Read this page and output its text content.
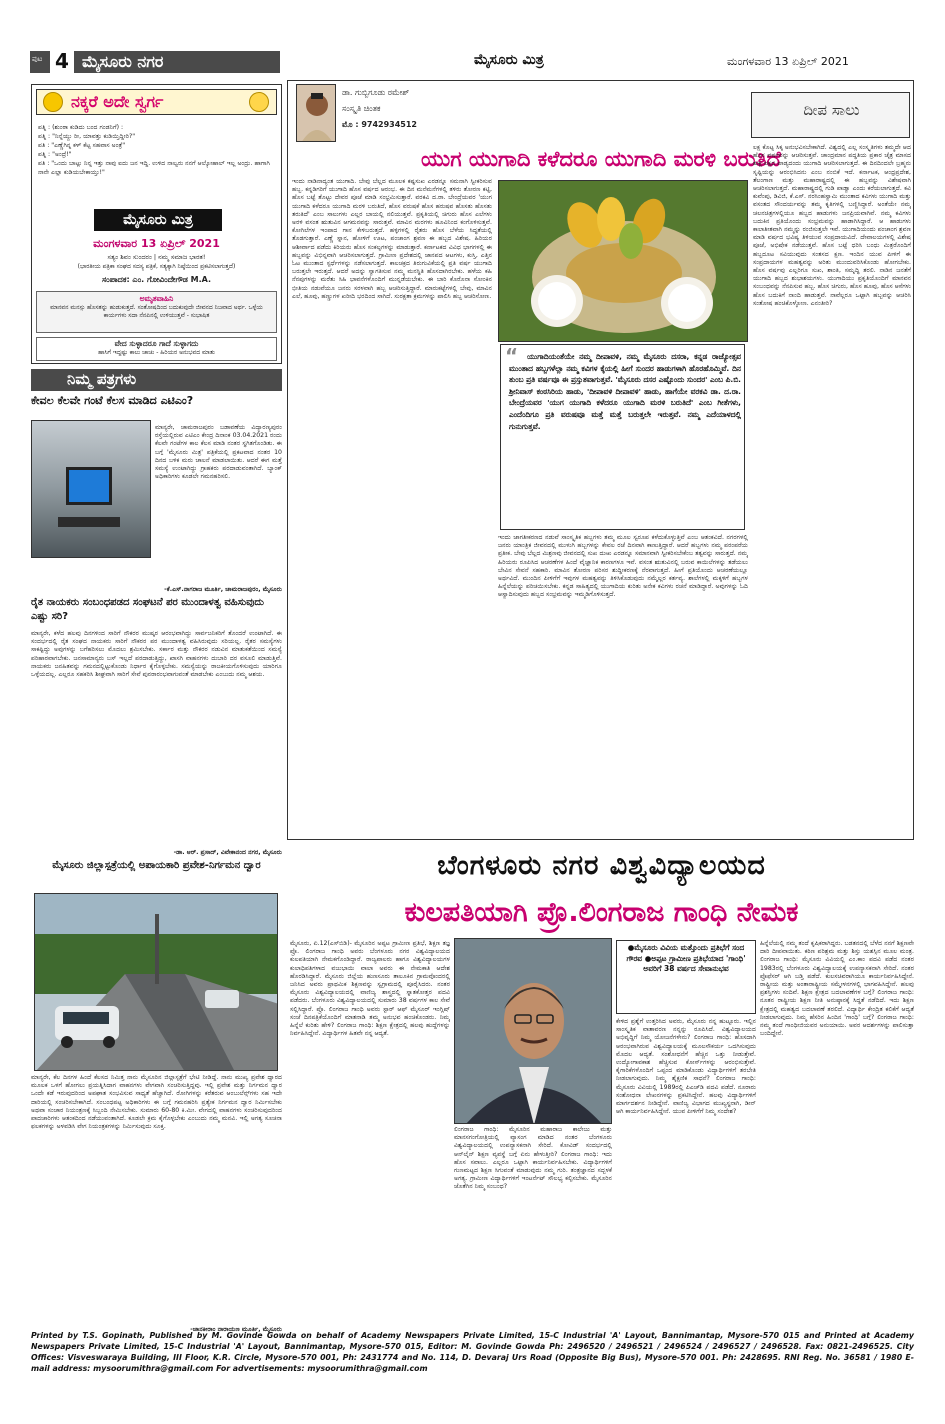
ಪುಟ 4 ಮೈಸೂರು ನಗರ	ಮೈಸೂರು ಮಿತ್ರ	ಮಂಗಳವಾರ 13 ಏಪ್ರಿಲ್ 2021
ನಕ್ಕರೆ ಅದೇ ಸ್ವರ್ಗ
ಪತ್ನಿ : (ಶುಂಠಾ ಕುಡಿದು ಬಂದ ಗಂಡನಿಗೆ) :
ಪತ್ನಿ : "ನಿನ್ನೆಯ್ದು ರೀ, ಯಾವತ್ತು ಕುಡಿಯ್ತಿದ್ದೀರಿ?"
ಪತಿ : "ಎಣ್ಣೆಗಿನ್ನ ಕಳ್ ಕೆಟ್ಟ ಸಹವಾಸ ಅಂತ್ರೆ"
ಪತ್ನಿ : "ಅಂದ್ರೆ!"
ಪತಿ : "ಒಂದು ಬಾಟ್ಲು ನಿನ್ನ ಇತ್ತು ನಾವು ಐದು ಜನ ಇದ್ದಿ. ಉಳಿದ ನಾಲ್ವರು ನನಗೆ ಆಲ್ಕೋಹಾಲ್ ಇಲ್ಲ ಅಂದ್ರು. ಹಾಗಾಗಿ ನಾನೇ ಎಲ್ಲಾ ಕುಡಿಯಬೇಕಾಯ್ತು!"
ಮೈಸೂರು ಮಿತ್ರ
ಮಂಗಳವಾರ 13 ಏಪ್ರಿಲ್ 2021
ಸತ್ಯಂ ಶಿವಂ ಸುಂದರಂ | ನಮ್ಮ ಸಮಾಜ ಭಾರತ!
(ಭಾರತೀಯ ಪತ್ರಿಕಾ ಸಂಘದ ಸದಸ್ಯ ಪತ್ರಿಕೆ, ಸತ್ಯಕ್ಕಾಗಿ ನಿಷ್ಠೆಯಿಂದ ಪ್ರಕಟಿಸಲಾಗುತ್ತದೆ)
ಸಂಪಾದಕ: ಎಂ. ಗೋವಿಂದೇಗೌಡ M.A.
ಅಮೃತವಾಹಿನಿ
ಮಾನವನ ಮನಸ್ಸು ಹೊಸತನ್ನು ಹುಡುಕುತ್ತದೆ. ಸಂತೋಷದಿಂದ ಬದುಕುವುದೇ ಜೀವನದ ನಿಜವಾದ ಅರ್ಥ. ಒಳ್ಳೆಯ ಕಾರ್ಯಗಳು ಸದಾ ನೆನಪಿನಲ್ಲಿ ಉಳಿಯುತ್ತವೆ - ಸುಭಾಷಿತ
ವೇದ ಸುಳ್ಳಾದರೂ ಗಾದೆ ಸುಳ್ಳಾಗದು
ಹಾಸಿಗೆ ಇದ್ದಷ್ಟು ಕಾಲು ಚಾಚು - ಹಿರಿಯರ ಅನುಭವದ ಮಾತು
ನಿಮ್ಮ ಪತ್ರಗಳು
ಕೇವಲ ಕೆಲವೇ ಗಂಟೆ ಕೆಲಸ ಮಾಡಿದ ಎಟಿಎಂ?
ಮಾನ್ಯರೇ, ಚಾಮರಾಜಪುರಂ ಬಡಾವಣೆಯ ವಿದ್ಯಾರಣ್ಯಪುರಂ ರಸ್ತೆಯಲ್ಲಿರುವ ಎಟಿಎಂ ಕೇಂದ್ರ ದಿನಾಂಕ 03.04.2021 ರಂದು ಕೆಲವೇ ಗಂಟೆಗಳ ಕಾಲ ಕೆಲಸ ಮಾಡಿ ನಂತರ ಸ್ಥಗಿತಗೊಂಡಿತು. ಈ ಬಗ್ಗೆ 'ಮೈಸೂರು ಮಿತ್ರ' ಪತ್ರಿಕೆಯಲ್ಲಿ ಪ್ರಕಟವಾದ ನಂತರ 10 ದಿನದ ಬಳಿಕ ಮರು ಚಾಲನೆ ಮಾಡಲಾಯಿತು. ಆದರೆ ಈಗ ಮತ್ತೆ ಸಮಸ್ಯೆ ಉಂಟಾಗಿದ್ದು ಗ್ರಾಹಕರು ಪರದಾಡುವಂತಾಗಿದೆ. ಬ್ಯಾಂಕ್ ಅಧಿಕಾರಿಗಳು ಕೂಡಲೇ ಗಮನಹರಿಸಲಿ.
-ಕೆ.ಎಸ್.ನಾಗರಾಜ ಮೂರ್ತಿ, ಚಾಮರಾಜಪುರಂ, ಮೈಸೂರು
ರೈತ ನಾಯಕರು ಸಂಬಂಧಪಡದ ಸಂಘಟನೆ ಪರ ಮುಂದಾಳತ್ವ ವಹಿಸುವುದು ಎಷ್ಟು ಸರಿ?
ಮಾನ್ಯರೇ, ಕಳೆದ ಹಲವು ದಿನಗಳಿಂದ ಸಾರಿಗೆ ನೌಕರರ ಮುಷ್ಕರ ಆರಂಭವಾಗಿದ್ದು ಸಾರ್ವಜನಿಕರಿಗೆ ತೊಂದರೆ ಉಂಟಾಗಿದೆ. ಈ ಸಂದರ್ಭದಲ್ಲಿ ರೈತ ಸಂಘದ ನಾಯಕರು ಸಾರಿಗೆ ನೌಕರರ ಪರ ಮುಂದಾಳತ್ವ ವಹಿಸಿರುವುದು ಸರಿಯಲ್ಲ. ರೈತರ ಸಮಸ್ಯೆಗಳು ಸಾಕಷ್ಟಿದ್ದು ಅವುಗಳನ್ನು ಬಗೆಹರಿಸಲು ಮೊದಲು ಶ್ರಮಿಸಬೇಕು. ಸರ್ಕಾರ ಮತ್ತು ನೌಕರರ ನಡುವಿನ ಮಾತುಕತೆಯಿಂದ ಸಮಸ್ಯೆ ಪರಿಹಾರವಾಗಬೇಕು. ಜನಸಾಮಾನ್ಯರು ಬಸ್ ಇಲ್ಲದೆ ಪರದಾಡುತ್ತಿದ್ದು, ಖಾಸಗಿ ವಾಹನಗಳು ದುಬಾರಿ ದರ ವಸೂಲಿ ಮಾಡುತ್ತಿವೆ. ನಾಯಕರು ಜನಹಿತವನ್ನು ಗಮನದಲ್ಲಿಟ್ಟುಕೊಂಡು ನಿರ್ಧಾರ ಕೈಗೊಳ್ಳಬೇಕು. ಸಮಸ್ಯೆಯನ್ನು ರಾಜಕೀಯಗೊಳಿಸುವುದು ಯಾರಿಗೂ ಒಳ್ಳೆಯದಲ್ಲ. ಎಲ್ಲರೂ ಸಹಕರಿಸಿ ಶೀಘ್ರವಾಗಿ ಸಾರಿಗೆ ಸೇವೆ ಪುನರಾರಂಭವಾಗುವಂತೆ ಮಾಡಬೇಕು ಎಂಬುದು ನಮ್ಮ ಆಶಯ.
-ಡಾ. ಆರ್. ಪ್ರಸಾದ್, ವಿವೇಕಾನಂದ ನಗರ, ಮೈಸೂರು
ಮೈಸೂರು ಜಿಲ್ಲಾಸ್ಪತ್ರೆಯಲ್ಲಿ ಅಪಾಯಕಾರಿ ಪ್ರವೇಶ-ನಿರ್ಗಮನ ದ್ವಾರ
ಮಾನ್ಯರೇ, ಕೆಲ ದಿನಗಳ ಹಿಂದೆ ಕೆಲಸದ ನಿಮಿತ್ತ ನಾನು ಮೈಸೂರಿನ ಜಿಲ್ಲಾಸ್ಪತ್ರೆಗೆ ಭೇಟಿ ನೀಡಿದ್ದೆ. ನಾನು ಮುಖ್ಯ ಪ್ರವೇಶ ದ್ವಾರದ ಮೂಲಕ ಒಳಗೆ ಹೋಗಲು ಪ್ರಯತ್ನಿಸಿದಾಗ ವಾಹನಗಳು ವೇಗವಾಗಿ ಸಂಚರಿಸುತ್ತಿದ್ದವು. ಇಲ್ಲಿ ಪ್ರವೇಶ ಮತ್ತು ನಿರ್ಗಮನ ದ್ವಾರ ಒಂದೇ ಕಡೆ ಇರುವುದರಿಂದ ಅಪಘಾತ ಸಂಭವಿಸುವ ಸಾಧ್ಯತೆ ಹೆಚ್ಚಾಗಿದೆ. ರೋಗಿಗಳನ್ನು ಕರೆತರುವ ಆಂಬುಲೆನ್ಸ್‌ಗಳು ಸಹ ಇದೇ ದಾರಿಯಲ್ಲಿ ಸಂಚರಿಸಬೇಕಾಗಿದೆ. ಸಂಬಂಧಪಟ್ಟ ಅಧಿಕಾರಿಗಳು ಈ ಬಗ್ಗೆ ಗಮನಹರಿಸಿ ಪ್ರತ್ಯೇಕ ನಿರ್ಗಮನ ದ್ವಾರ ನಿರ್ಮಿಸಬೇಕು ಅಥವಾ ಸಂಚಾರ ನಿಯಂತ್ರಣಕ್ಕೆ ಸಿಬ್ಬಂದಿ ನೇಮಿಸಬೇಕು. ಸುಮಾರು 60-80 ಕಿ.ಮೀ. ವೇಗದಲ್ಲಿ ವಾಹನಗಳು ಸಂಚರಿಸುವುದರಿಂದ ಪಾದಚಾರಿಗಳು ಆತಂಕದಿಂದ ನಡೆಯುವಂತಾಗಿದೆ. ಕೂಡಲೇ ಕ್ರಮ ಕೈಗೊಳ್ಳಬೇಕು ಎಂಬುದು ನಮ್ಮ ಮನವಿ. ಇಲ್ಲಿ ಅಗತ್ಯ ಸೂಚನಾ ಫಲಕಗಳನ್ನು ಅಳವಡಿಸಿ ವೇಗ ನಿಯಂತ್ರಕಗಳನ್ನು ನಿರ್ಮಿಸುವುದು ಸೂಕ್ತ.
-ಜಾನಕೀರಾಂ ನಾರಾಯಣ ಮೂರ್ತಿ, ಮೈಸೂರು
ಡಾ. ಗುಬ್ಬಿಗೂಡು ರಮೇಶ್
ಸಂಸ್ಕೃತಿ ಚಿಂತಕ
ಮೊ : 9742934512
ದೀಪ ಸಾಲು
ಯುಗ ಯುಗಾದಿ ಕಳೆದರೂ ಯುಗಾದಿ ಮರಳಿ ಬರುತಿದೆ
ಇಂದು ನಾಡಿನಾದ್ಯಂತ ಯುಗಾದಿ. ಬೇವು ಬೆಲ್ಲದ ಮೂಲಕ ಕಷ್ಟಸುಖ ಎರಡನ್ನೂ ಸಮನಾಗಿ ಸ್ವೀಕರಿಸುವ ಹಬ್ಬ. ಕನ್ನಡಿಗರಿಗೆ ಯುಗಾದಿ ಹೊಸ ವರ್ಷದ ಆರಂಭ. ಈ ದಿನ ಮನೆಮನೆಗಳಲ್ಲಿ ತಳಿರು ತೋರಣ ಕಟ್ಟಿ, ಹೊಸ ಬಟ್ಟೆ ತೊಟ್ಟು ದೇವರ ಪೂಜೆ ಮಾಡಿ ಸಂಭ್ರಮಿಸುತ್ತಾರೆ. ವರಕವಿ ದ.ರಾ. ಬೇಂದ್ರೆಯವರ 'ಯುಗ ಯುಗಾದಿ ಕಳೆದರೂ ಯುಗಾದಿ ಮರಳಿ ಬರುತಿದೆ, ಹೊಸ ವರುಷಕೆ ಹೊಸ ಹರುಷವ ಹೊಸತು ಹೊಸತು ತರುತಿದೆ' ಎಂಬ ಸಾಲುಗಳು ಎಲ್ಲರ ಬಾಯಲ್ಲಿ ನಲಿಯುತ್ತವೆ. ಪ್ರಕೃತಿಯಲ್ಲಿ ಚಿಗುರು ಹೊಸ ಎಲೆಗಳು ಅರಳಿ ವಸಂತ ಋತುವಿನ ಆಗಮನವನ್ನು ಸಾರುತ್ತವೆ. ಮಾವಿನ ಮರಗಳು ಹೂವಿನಿಂದ ಕಂಗೊಳಿಸುತ್ತವೆ. ಕೋಗಿಲೆಗಳ ಇಂಪಾದ ಗಾನ ಕೇಳಿಬರುತ್ತದೆ. ಹಳ್ಳಿಗಳಲ್ಲಿ ರೈತರು ಹೊಸ ಬೆಳೆಯ ಸಿದ್ಧತೆಯಲ್ಲಿ ತೊಡಗುತ್ತಾರೆ. ಎಣ್ಣೆ ಸ್ನಾನ, ಹೋಳಿಗೆ ಊಟ, ಪಂಚಾಂಗ ಶ್ರವಣ ಈ ಹಬ್ಬದ ವಿಶೇಷ. ಹಿರಿಯರ ಆಶೀರ್ವಾದ ಪಡೆದು ಕಿರಿಯರು ಹೊಸ ಸಂಕಲ್ಪಗಳನ್ನು ಮಾಡುತ್ತಾರೆ. ಕರ್ನಾಟಕದ ವಿವಿಧ ಭಾಗಗಳಲ್ಲಿ ಈ ಹಬ್ಬವನ್ನು ವಿಭಿನ್ನವಾಗಿ ಆಚರಿಸಲಾಗುತ್ತದೆ. ಗ್ರಾಮೀಣ ಪ್ರದೇಶದಲ್ಲಿ ಜಾನಪದ ಆಟಗಳು, ಕುಸ್ತಿ, ಎತ್ತಿನ ಓಟ ಮುಂತಾದ ಸ್ಪರ್ಧೆಗಳನ್ನು ನಡೆಸಲಾಗುತ್ತದೆ. ಕಾಲಚಕ್ರದ ತಿರುಗುವಿಕೆಯಲ್ಲಿ ಪ್ರತಿ ವರ್ಷ ಯುಗಾದಿ ಬರುತ್ತಲೇ ಇರುತ್ತದೆ. ಆದರೆ ಅದನ್ನು ಸ್ವಾಗತಿಸುವ ನಮ್ಮ ಮನಸ್ಥಿತಿ ಹೊಸದಾಗಿರಬೇಕು. ಹಳೆಯ ಕಹಿ ನೆನಪುಗಳನ್ನು ಮರೆತು ಸಿಹಿ ಭಾವನೆಗಳೊಂದಿಗೆ ಮುನ್ನಡೆಯಬೇಕು. ಈ ಬಾರಿ ಕೊರೊನಾ ಸೋಂಕಿನ ಭೀತಿಯ ನಡುವೆಯೂ ಜನರು ಸರಳವಾಗಿ ಹಬ್ಬ ಆಚರಿಸುತ್ತಿದ್ದಾರೆ. ಮಾರುಕಟ್ಟೆಗಳಲ್ಲಿ ಬೇವು, ಮಾವಿನ ಎಲೆ, ಹೂವು, ಹಣ್ಣುಗಳ ಖರೀದಿ ಭರದಿಂದ ಸಾಗಿದೆ. ಸುರಕ್ಷತಾ ಕ್ರಮಗಳನ್ನು ಪಾಲಿಸಿ ಹಬ್ಬ ಆಚರಿಸೋಣ.
“	ಯುಗಾದಿಯಂತೆಯೇ ನಮ್ಮ ದೀಪಾವಳಿ, ನಮ್ಮ ಮೈಸೂರು ದಸರಾ, ಕನ್ನಡ ರಾಜ್ಯೋತ್ಸವ ಮುಂತಾದ ಹಬ್ಬಗಳೆಲ್ಲಾ ನಮ್ಮ ಕವಿಗಳ ಕೈಯಲ್ಲಿ ಹೀಗೆ ಸುಂದರ ಹಾಡುಗಳಾಗಿ ಹೊರಹೊಮ್ಮಿವೆ. ದಿನ ತುಂಬ ಪ್ರತಿ ವರ್ಷವೂ ಈ ಪ್ರಸ್ತುತವಾಗುತ್ತವೆ. 'ಮೈಸೂರು ದಸರ ಎಷ್ಟೊಂದು ಸುಂದರ' ಎಂಬ ಪಿ.ಬಿ. ಶ್ರೀನಿವಾಸ್ ಕಂಠಸಿರಿಯ ಹಾಡು, 'ದೀಪಾವಳಿ ದೀಪಾವಳಿ' ಹಾಡು, ಹಾಗೆಯೇ ವರಕವಿ ಡಾ. ದ.ರಾ. ಬೇಂದ್ರೆಯವರ 'ಯುಗ ಯುಗಾದಿ ಕಳೆದರೂ ಯುಗಾದಿ ಮರಳಿ ಬರುತಿದೆ' ಎಂಬ ಗೀತೆಗಳು, ಎಂದೆಂದಿಗೂ ಪ್ರತಿ ವರುಷವೂ ಮತ್ತೆ ಮತ್ತೆ ಬರುತ್ತಲೇ ಇರುತ್ತವೆ. ನಮ್ಮ ಎದೆಯಾಳದಲ್ಲಿ ಗುನುಗುತ್ತವೆ.
ಇಂದು ಜಾಗತೀಕರಣದ ನಡುವೆ ಸಾಂಸ್ಕೃತಿಕ ಹಬ್ಬಗಳು ತಮ್ಮ ಮೂಲ ಸ್ವರೂಪ ಕಳೆದುಕೊಳ್ಳುತ್ತಿವೆ ಎಂಬ ಆತಂಕವಿದೆ. ನಗರಗಳಲ್ಲಿ ಜನರು ಯಾಂತ್ರಿಕ ಜೀವನದಲ್ಲಿ ಮುಳುಗಿ ಹಬ್ಬಗಳನ್ನು ಕೇವಲ ರಜೆ ದಿನವಾಗಿ ಕಾಣುತ್ತಿದ್ದಾರೆ. ಆದರೆ ಹಬ್ಬಗಳು ನಮ್ಮ ಪರಂಪರೆಯ ಪ್ರತೀಕ. ಬೇವು ಬೆಲ್ಲದ ಮಿಶ್ರಣವು ಜೀವನದಲ್ಲಿ ಸುಖ ದುಃಖ ಎರಡನ್ನೂ ಸಮಾನವಾಗಿ ಸ್ವೀಕರಿಸಬೇಕೆಂಬ ತತ್ವವನ್ನು ಸಾರುತ್ತದೆ. ನಮ್ಮ ಹಿರಿಯರು ರೂಪಿಸಿದ ಆಚರಣೆಗಳ ಹಿಂದೆ ವೈಜ್ಞಾನಿಕ ಕಾರಣಗಳೂ ಇವೆ. ವಸಂತ ಋತುವಿನಲ್ಲಿ ಬರುವ ಕಾಯಿಲೆಗಳನ್ನು ತಡೆಯಲು ಬೇವಿನ ಸೇವನೆ ಸಹಕಾರಿ. ಮಾವಿನ ತೋರಣ ಪರಿಸರ ಶುದ್ಧೀಕರಣಕ್ಕೆ ನೆರವಾಗುತ್ತದೆ. ಹೀಗೆ ಪ್ರತಿಯೊಂದು ಆಚರಣೆಯಲ್ಲೂ ಅರ್ಥವಿದೆ. ಮುಂದಿನ ಪೀಳಿಗೆಗೆ ಇವುಗಳ ಮಹತ್ವವನ್ನು ತಿಳಿಸಿಕೊಡುವುದು ನಮ್ಮೆಲ್ಲರ ಕರ್ತವ್ಯ. ಶಾಲೆಗಳಲ್ಲಿ ಮಕ್ಕಳಿಗೆ ಹಬ್ಬಗಳ ಹಿನ್ನೆಲೆಯನ್ನು ಪರಿಚಯಿಸಬೇಕು. ಕನ್ನಡ ಸಾಹಿತ್ಯದಲ್ಲಿ ಯುಗಾದಿಯ ಕುರಿತು ಅನೇಕ ಕವಿಗಳು ರಚನೆ ಮಾಡಿದ್ದಾರೆ. ಅವುಗಳನ್ನು ಓದಿ ಆಸ್ವಾದಿಸುವುದು ಹಬ್ಬದ ಸಂಭ್ರಮವನ್ನು ಇಮ್ಮಡಿಗೊಳಿಸುತ್ತದೆ.
ಲಕ್ಷ ಕೊಟ್ಟ ಸಿಕ್ಕ ಅನುಭವಿಸಬೇಕಾಗಿದೆ. ವಿಶ್ವದಲ್ಲಿ ಎಲ್ಲ ಸಂಸ್ಕೃತಿಗಳು ತಮ್ಮದೇ ಆದ ಹೊಸ ವರ್ಷವನ್ನು ಆಚರಿಸುತ್ತವೆ. ಚಾಂದ್ರಮಾನ ಪದ್ಧತಿಯ ಪ್ರಕಾರ ಚೈತ್ರ ಮಾಸದ ಶುಕ್ಲ ಪಕ್ಷದ ಪಾಡ್ಯದಂದು ಯುಗಾದಿ ಆಚರಿಸಲಾಗುತ್ತದೆ. ಈ ದಿನದಿಂದಲೇ ಬ್ರಹ್ಮನು ಸೃಷ್ಟಿಯನ್ನು ಆರಂಭಿಸಿದನು ಎಂಬ ನಂಬಿಕೆ ಇದೆ. ಕರ್ನಾಟಕ, ಆಂಧ್ರಪ್ರದೇಶ, ತೆಲಂಗಾಣ ಮತ್ತು ಮಹಾರಾಷ್ಟ್ರದಲ್ಲಿ ಈ ಹಬ್ಬವನ್ನು ವಿಶೇಷವಾಗಿ ಆಚರಿಸಲಾಗುತ್ತದೆ. ಮಹಾರಾಷ್ಟ್ರದಲ್ಲಿ ಗುಡಿ ಪಾಡ್ವಾ ಎಂದು ಕರೆಯಲಾಗುತ್ತದೆ. ಕವಿ ಕುವೆಂಪು, ಡಿವಿಜಿ, ಕೆ.ಎಸ್. ನರಸಿಂಹಸ್ವಾಮಿ ಮುಂತಾದ ಕವಿಗಳು ಯುಗಾದಿ ಮತ್ತು ವಸಂತದ ಸೌಂದರ್ಯವನ್ನು ತಮ್ಮ ಕೃತಿಗಳಲ್ಲಿ ಬಣ್ಣಿಸಿದ್ದಾರೆ. ಅಂತೆಯೇ ನಮ್ಮ ಚಲನಚಿತ್ರಗಳಲ್ಲಿಯೂ ಹಬ್ಬದ ಹಾಡುಗಳು ಜನಪ್ರಿಯವಾಗಿವೆ. ನಮ್ಮ ಕವಿಗಳು ಬದುಕಿನ ಪ್ರತಿಯೊಂದು ಸಂಭ್ರಮವನ್ನು ಹಾಡಾಗಿಸಿದ್ದಾರೆ. ಆ ಹಾಡುಗಳು ಕಾಲಾತೀತವಾಗಿ ನಮ್ಮನ್ನು ರಂಜಿಸುತ್ತಲೇ ಇವೆ. ಯುಗಾದಿಯಂದು ಪಂಚಾಂಗ ಶ್ರವಣ ಮಾಡಿ ವರ್ಷದ ಭವಿಷ್ಯ ತಿಳಿಯುವ ಸಂಪ್ರದಾಯವಿದೆ. ದೇವಾಲಯಗಳಲ್ಲಿ ವಿಶೇಷ ಪೂಜೆ, ಅಭಿಷೇಕ ನಡೆಯುತ್ತವೆ. ಹೊಸ ಬಟ್ಟೆ ಧರಿಸಿ ಬಂಧು ಮಿತ್ರರೊಂದಿಗೆ ಹಬ್ಬದೂಟ ಸವಿಯುವುದು ಸಂತಸದ ಕ್ಷಣ. ಇಂದಿನ ಯುವ ಪೀಳಿಗೆ ಈ ಸಂಪ್ರದಾಯಗಳ ಮಹತ್ವವನ್ನು ಅರಿತು ಮುಂದುವರಿಸಿಕೊಂಡು ಹೋಗಬೇಕು. ಹೊಸ ವರ್ಷವು ಎಲ್ಲರಿಗೂ ಸುಖ, ಶಾಂತಿ, ಸಮೃದ್ಧಿ ತರಲಿ. ನಾಡಿನ ಜನತೆಗೆ ಯುಗಾದಿ ಹಬ್ಬದ ಶುಭಾಶಯಗಳು. ಯುಗಾದಿಯು ಪ್ರಕೃತಿಯೊಂದಿಗೆ ಮಾನವನ ಸಂಬಂಧವನ್ನು ನೆನಪಿಸುವ ಹಬ್ಬ. ಹೊಸ ಚಿಗುರು, ಹೊಸ ಹೂವು, ಹೊಸ ಆಸೆಗಳು ಹೊಸ ಬದುಕಿಗೆ ನಾಂದಿ ಹಾಡುತ್ತವೆ. ನಾವೆಲ್ಲರೂ ಒಟ್ಟಾಗಿ ಹಬ್ಬವನ್ನು ಆಚರಿಸಿ ಸಂತೋಷ ಹಂಚಿಕೊಳ್ಳೋಣ. ಎನಂತೀರಿ?
ಬೆಂಗಳೂರು ನಗರ ವಿಶ್ವವಿದ್ಯಾಲಯದ
ಕುಲಪತಿಯಾಗಿ ಪ್ರೊ.ಲಿಂಗರಾಜ ಗಾಂಧಿ ನೇಮಕ
ಮೈಸೂರು, ಏ.12(ಎಸ್‌ಬಿಡಿ)- ಮೈಸೂರಿನ ಅಪ್ಪಟ ಗ್ರಾಮೀಣ ಪ್ರತಿಭೆ, ಶಿಕ್ಷಣ ತಜ್ಞ ಪ್ರೊ. ಲಿಂಗರಾಜ ಗಾಂಧಿ ಅವರು ಬೆಂಗಳೂರು ನಗರ ವಿಶ್ವವಿದ್ಯಾಲಯದ ಕುಲಪತಿಯಾಗಿ ನೇಮಕಗೊಂಡಿದ್ದಾರೆ. ರಾಜ್ಯಪಾಲರು ಹಾಗೂ ವಿಶ್ವವಿದ್ಯಾಲಯಗಳ ಕುಲಾಧಿಪತಿಗಳಾದ ವಜುಭಾಯಿ ವಾಲಾ ಅವರು ಈ ನೇಮಕಾತಿ ಆದೇಶ ಹೊರಡಿಸಿದ್ದಾರೆ. ಮೈಸೂರು ಜಿಲ್ಲೆಯ ಹುಣಸೂರು ತಾಲೂಕಿನ ಗ್ರಾಮವೊಂದರಲ್ಲಿ ಜನಿಸಿದ ಅವರು ಪ್ರಾಥಮಿಕ ಶಿಕ್ಷಣವನ್ನು ಸ್ವಗ್ರಾಮದಲ್ಲಿ ಪೂರೈಸಿದರು. ನಂತರ ಮೈಸೂರು ವಿಶ್ವವಿದ್ಯಾಲಯದಲ್ಲಿ ವಾಣಿಜ್ಯ ಶಾಸ್ತ್ರದಲ್ಲಿ ಸ್ನಾತಕೋತ್ತರ ಪದವಿ ಪಡೆದರು. ಬೆಂಗಳೂರು ವಿಶ್ವವಿದ್ಯಾಲಯದಲ್ಲಿ ಸುಮಾರು 38 ವರ್ಷಗಳ ಕಾಲ ಸೇವೆ ಸಲ್ಲಿಸಿದ್ದಾರೆ. ಪ್ರೊ. ಲಿಂಗರಾಜ ಗಾಂಧಿ ಅವರು ಸ್ಟಾರ್ ಆಫ್ ಮೈಸೂರ್ ಇಂಗ್ಲಿಷ್ ಸಂಜೆ ದಿನಪತ್ರಿಕೆಯೊಂದಿಗೆ ಮಾತನಾಡಿ ತಮ್ಮ ಅನುಭವ ಹಂಚಿಕೊಂಡರು. ನಿಮ್ಮ ಹಿನ್ನೆಲೆ ಕುರಿತು ಹೇಳಿ? ಲಿಂಗರಾಜ ಗಾಂಧಿ: ಶಿಕ್ಷಣ ಕ್ಷೇತ್ರದಲ್ಲಿ ಹಲವು ಹುದ್ದೆಗಳನ್ನು ನಿರ್ವಹಿಸಿದ್ದೇನೆ. ವಿದ್ಯಾರ್ಥಿಗಳ ಹಿತವೇ ನನ್ನ ಆದ್ಯತೆ.
ಲಿಂಗರಾಜ ಗಾಂಧಿ: ಮೈಸೂರಿನ ಮಹಾರಾಜ ಕಾಲೇಜು ಮತ್ತು ಮಾನಸಗಂಗೋತ್ರಿಯಲ್ಲಿ ವ್ಯಾಸಂಗ ಮಾಡಿದ ನಂತರ ಬೆಂಗಳೂರು ವಿಶ್ವವಿದ್ಯಾಲಯದಲ್ಲಿ ಉಪನ್ಯಾಸಕನಾಗಿ ಸೇರಿದೆ. ಕೋವಿಡ್ ಸಂದರ್ಭದಲ್ಲಿ ಆನ್‌ಲೈನ್ ಶಿಕ್ಷಣ ವ್ಯವಸ್ಥೆ ಬಗ್ಗೆ ಏನು ಹೇಳುತ್ತೀರಿ? ಲಿಂಗರಾಜ ಗಾಂಧಿ: ಇದು ಹೊಸ ಸವಾಲು. ಎಲ್ಲರೂ ಒಟ್ಟಾಗಿ ಕಾರ್ಯನಿರ್ವಹಿಸಬೇಕು. ವಿದ್ಯಾರ್ಥಿಗಳಿಗೆ ಗುಣಮಟ್ಟದ ಶಿಕ್ಷಣ ಸಿಗುವಂತೆ ಮಾಡುವುದು ನಮ್ಮ ಗುರಿ. ತಂತ್ರಜ್ಞಾನದ ಸದ್ಬಳಕೆ ಅಗತ್ಯ. ಗ್ರಾಮೀಣ ವಿದ್ಯಾರ್ಥಿಗಳಿಗೆ ಇಂಟರ್ನೆಟ್ ಸೌಲಭ್ಯ ಕಲ್ಪಿಸಬೇಕು. ಮೈಸೂರಿನ ಜೊತೆಗಿನ ನಿಮ್ಮ ಸಂಬಂಧ?
●ಮೈಸೂರು ವಿವಿಯ ಮತ್ತೊಂದು ಪ್ರತಿಭೆಗೆ ಸಂದ
ಗೌರವ ●ಅಪ್ಪಟ ಗ್ರಾಮೀಣ ಪ್ರತಿಭೆಯಾದ 'ಗಾಂಧಿ' ಅವರಿಗೆ 38 ವರ್ಷದ ಸೇವಾನುಭವ
ಕೇಳಿದ ಪ್ರಶ್ನೆಗೆ ಉತ್ತರಿಸಿದ ಅವರು, ಮೈಸೂರು ನನ್ನ ಹುಟ್ಟೂರು. ಇಲ್ಲಿನ ಸಾಂಸ್ಕೃತಿಕ ವಾತಾವರಣ ನನ್ನನ್ನು ರೂಪಿಸಿದೆ. ವಿಶ್ವವಿದ್ಯಾಲಯದ ಅಭಿವೃದ್ಧಿಗೆ ನಿಮ್ಮ ಯೋಜನೆಗಳೇನು? ಲಿಂಗರಾಜ ಗಾಂಧಿ: ಹೊಸದಾಗಿ ಆರಂಭವಾಗಿರುವ ವಿಶ್ವವಿದ್ಯಾಲಯಕ್ಕೆ ಮೂಲಸೌಕರ್ಯ ಒದಗಿಸುವುದು ಮೊದಲ ಆದ್ಯತೆ. ಸಂಶೋಧನೆಗೆ ಹೆಚ್ಚಿನ ಒತ್ತು ನೀಡುತ್ತೇವೆ. ಉದ್ಯೋಗಾವಕಾಶ ಹೆಚ್ಚಿಸುವ ಕೋರ್ಸ್‌ಗಳನ್ನು ಆರಂಭಿಸುತ್ತೇವೆ. ಕೈಗಾರಿಕೆಗಳೊಂದಿಗೆ ಒಪ್ಪಂದ ಮಾಡಿಕೊಂಡು ವಿದ್ಯಾರ್ಥಿಗಳಿಗೆ ತರಬೇತಿ ನೀಡಲಾಗುವುದು. ನಿಮ್ಮ ಶೈಕ್ಷಣಿಕ ಸಾಧನೆ? ಲಿಂಗರಾಜ ಗಾಂಧಿ: ಮೈಸೂರು ವಿವಿಯಲ್ಲಿ 1989ರಲ್ಲಿ ಪಿಎಚ್‌ಡಿ ಪದವಿ ಪಡೆದೆ. ನೂರಾರು ಸಂಶೋಧನಾ ಲೇಖನಗಳನ್ನು ಪ್ರಕಟಿಸಿದ್ದೇನೆ. ಹಲವು ವಿದ್ಯಾರ್ಥಿಗಳಿಗೆ ಮಾರ್ಗದರ್ಶನ ನೀಡಿದ್ದೇನೆ. ವಾಣಿಜ್ಯ ವಿಭಾಗದ ಮುಖ್ಯಸ್ಥನಾಗಿ, ಡೀನ್ ಆಗಿ ಕಾರ್ಯನಿರ್ವಹಿಸಿದ್ದೇನೆ. ಯುವ ಪೀಳಿಗೆಗೆ ನಿಮ್ಮ ಸಂದೇಶ?
ಹಿನ್ನೆಲೆಯಲ್ಲಿ ನಮ್ಮ ತಂದೆ ಕೃಷಿಕರಾಗಿದ್ದರು. ಬಡತನದಲ್ಲಿ ಬೆಳೆದ ನನಗೆ ಶಿಕ್ಷಣವೇ ದಾರಿ ದೀಪವಾಯಿತು. ಕಠಿಣ ಪರಿಶ್ರಮ ಮತ್ತು ಶಿಸ್ತು ಯಶಸ್ಸಿನ ಮೂಲ ಮಂತ್ರ. ಲಿಂಗರಾಜ ಗಾಂಧಿ: ಮೈಸೂರು ವಿವಿಯಲ್ಲಿ ಎಂ.ಕಾಂ ಪದವಿ ಪಡೆದ ನಂತರ 1983ರಲ್ಲಿ ಬೆಂಗಳೂರು ವಿಶ್ವವಿದ್ಯಾಲಯಕ್ಕೆ ಉಪನ್ಯಾಸಕನಾಗಿ ಸೇರಿದೆ. ನಂತರ ಪ್ರೊಫೆಸರ್ ಆಗಿ ಬಡ್ತಿ ಪಡೆದೆ. ಕುಲಸಚಿವರಾಗಿಯೂ ಕಾರ್ಯನಿರ್ವಹಿಸಿದ್ದೇನೆ. ರಾಷ್ಟ್ರೀಯ ಮತ್ತು ಅಂತಾರಾಷ್ಟ್ರೀಯ ಸಮ್ಮೇಳನಗಳಲ್ಲಿ ಭಾಗವಹಿಸಿದ್ದೇನೆ. ಹಲವು ಪ್ರಶಸ್ತಿಗಳು ಸಂದಿವೆ. ಶಿಕ್ಷಣ ಕ್ಷೇತ್ರದ ಬದಲಾವಣೆಗಳ ಬಗ್ಗೆ? ಲಿಂಗರಾಜ ಗಾಂಧಿ: ನೂತನ ರಾಷ್ಟ್ರೀಯ ಶಿಕ್ಷಣ ನೀತಿ ಅನುಷ್ಠಾನಕ್ಕೆ ಸಿದ್ಧತೆ ನಡೆದಿದೆ. ಇದು ಶಿಕ್ಷಣ ಕ್ಷೇತ್ರದಲ್ಲಿ ಮಹತ್ವದ ಬದಲಾವಣೆ ತರಲಿದೆ. ವಿದ್ಯಾರ್ಥಿ ಕೇಂದ್ರಿತ ಕಲಿಕೆಗೆ ಆದ್ಯತೆ ನೀಡಲಾಗುವುದು. ನಿಮ್ಮ ಹೆಸರಿನ ಹಿಂದಿನ 'ಗಾಂಧಿ' ಬಗ್ಗೆ? ಲಿಂಗರಾಜ ಗಾಂಧಿ: ನಮ್ಮ ತಂದೆ ಗಾಂಧೀಜಿಯವರ ಅನುಯಾಯಿ. ಅವರ ಆದರ್ಶಗಳನ್ನು ಪಾಲಿಸುತ್ತಾ ಬಂದಿದ್ದೇನೆ.
Printed by T.S. Gopinath, Published by M. Govinde Gowda on behalf of Academy Newspapers Private Limited, 15-C Industrial 'A' Layout, Bannimantap, Mysore-570 015 and Printed at Academy Newspapers Private Limited, 15-C Industrial 'A' Layout, Bannimantap, Mysore-570 015, Editor: M. Govinde Gowda Ph: 2496520 / 2496521 / 2496524 / 2496527 / 2496528. Fax: 0821-2496525. City Offices: Visveswaraya Building, III Floor, K.R. Circle, Mysore-570 001, Ph: 2431774 and No. 114, D. Devaraj Urs Road (Opposite Big Bus), Mysore-570 001. Ph: 2428695. RNI Reg. No. 36581 / 1980 E-mail address: mysoorumithra@gmail.com For advertisements: mysoorumithra@gmail.com
